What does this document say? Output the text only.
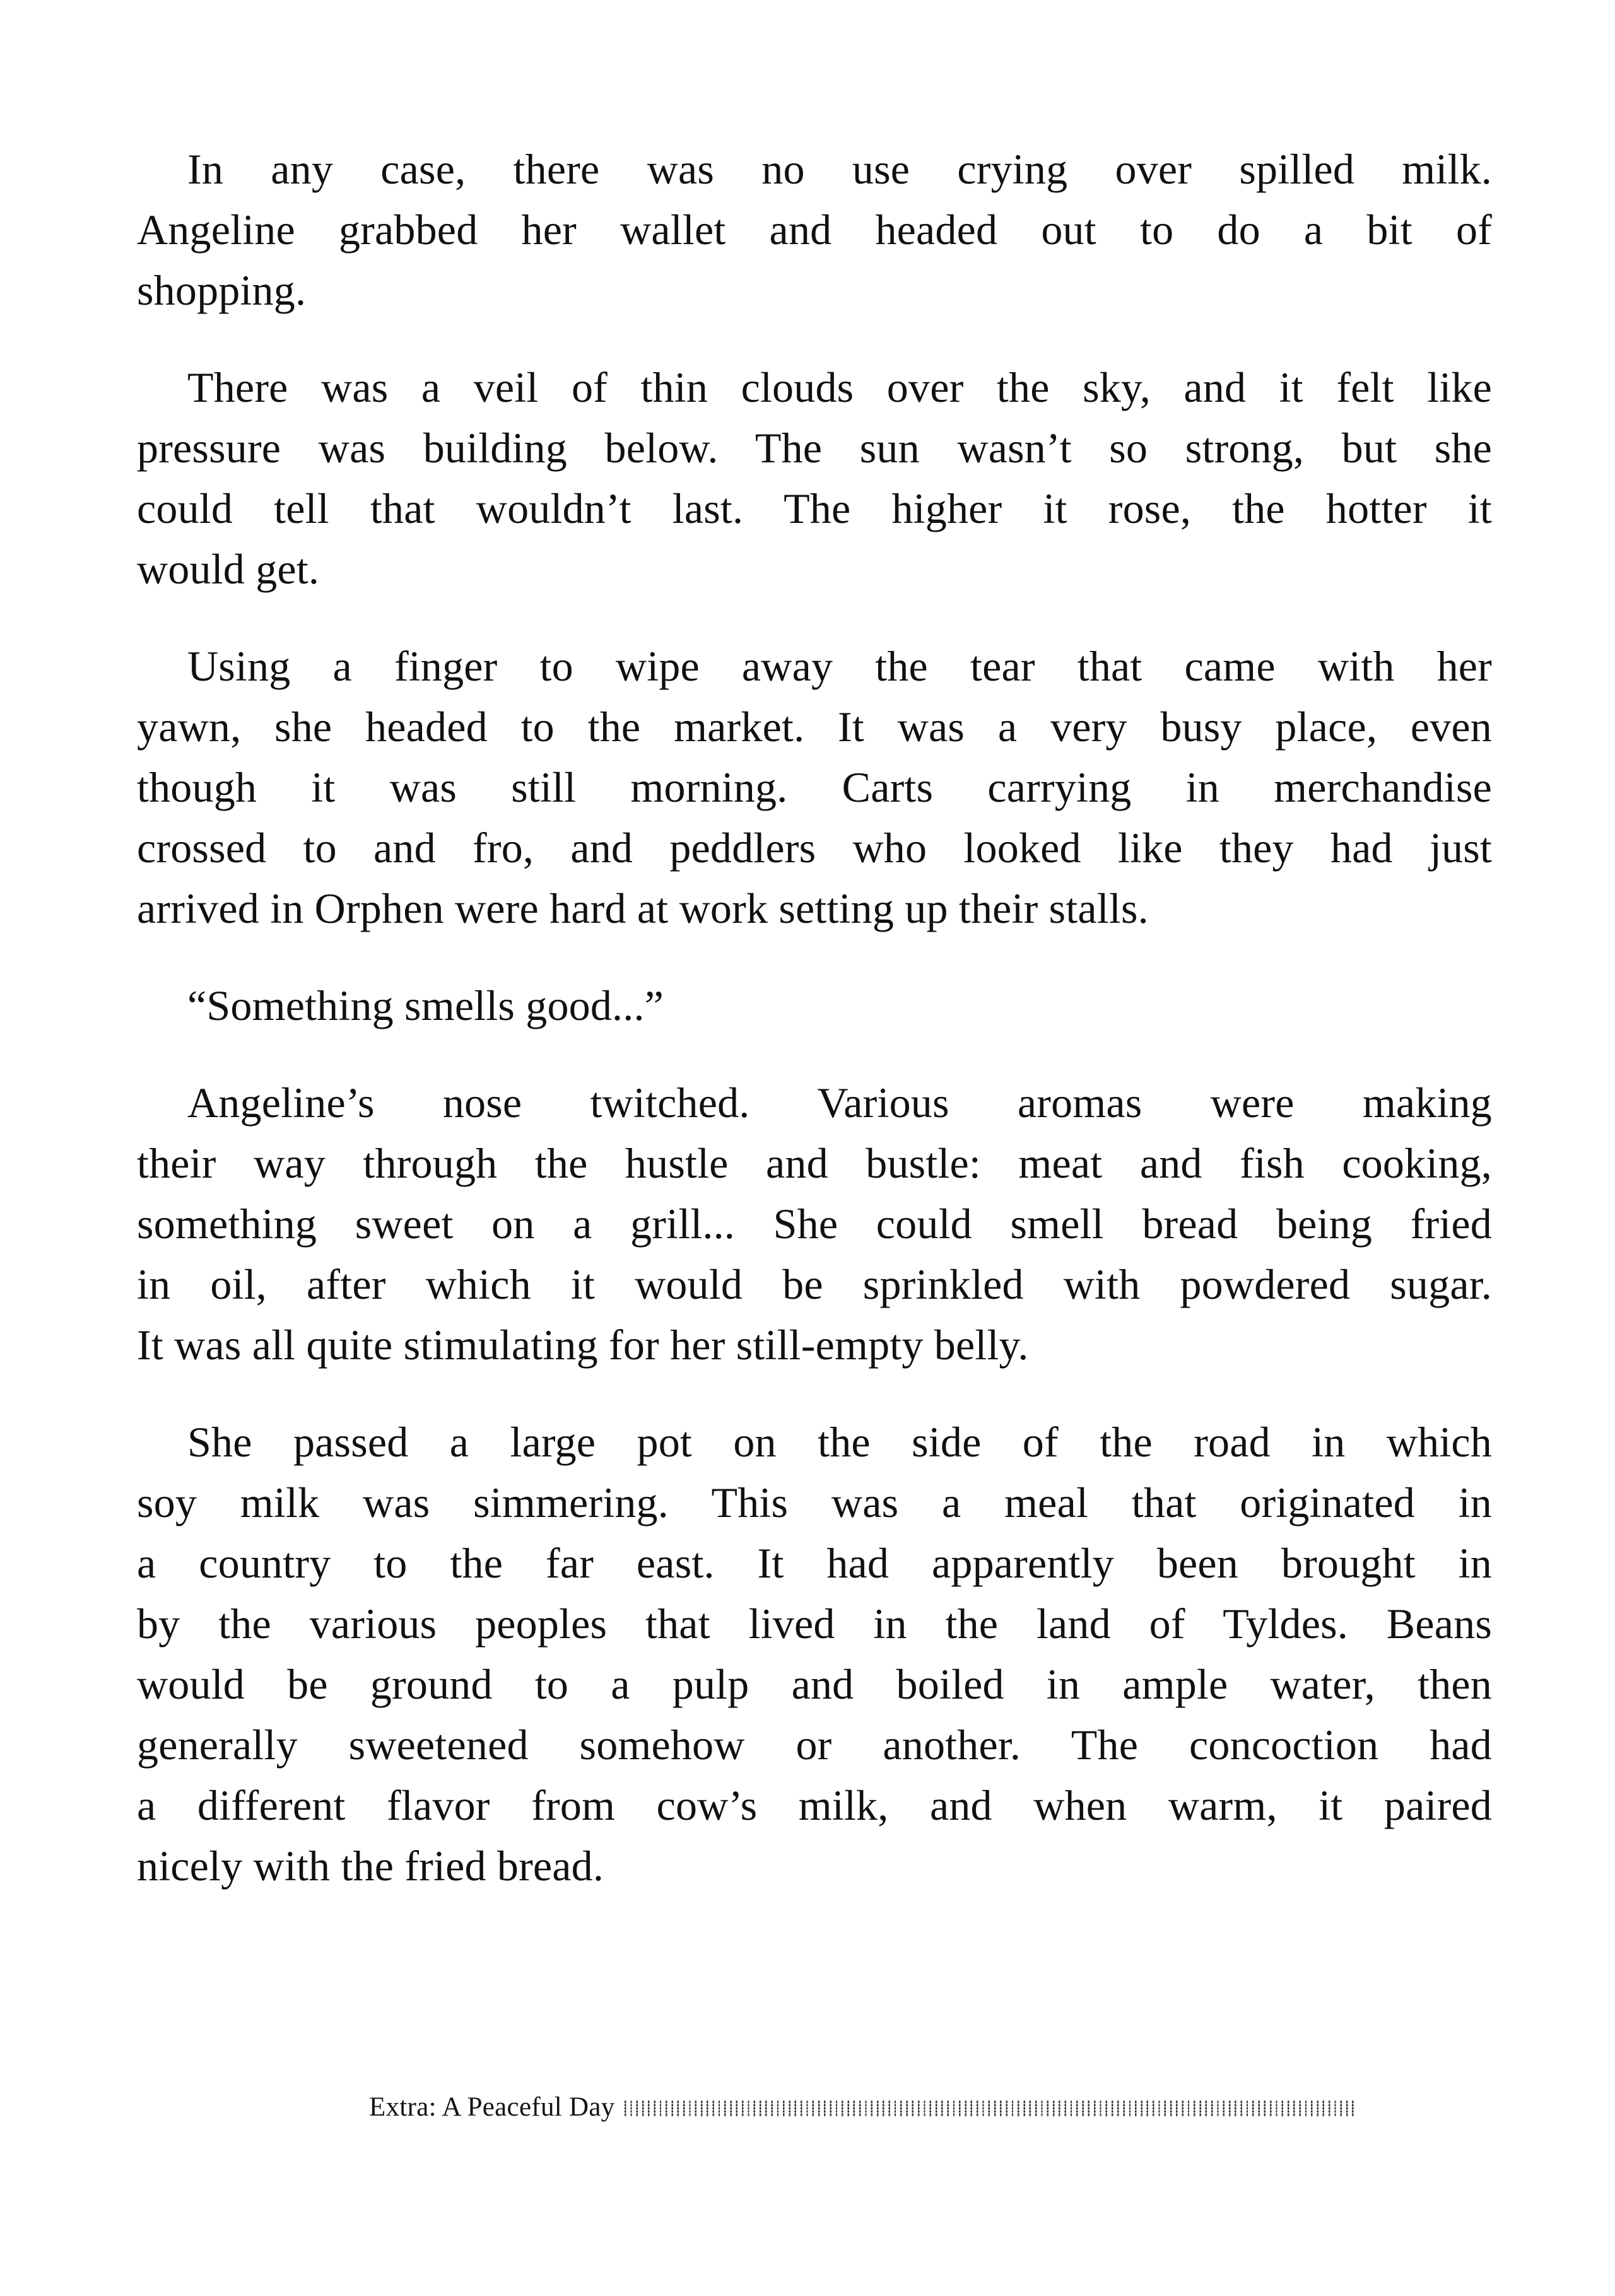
In any case, there was no use crying over spilled milk.
Angeline grabbed her wallet and headed out to do a bit of
shopping.
There was a veil of thin clouds over the sky, and it felt like
pressure was building below. The sun wasn’t so strong, but she
could tell that wouldn’t last. The higher it rose, the hotter it
would get.
Using a finger to wipe away the tear that came with her
yawn, she headed to the market. It was a very busy place, even
though it was still morning. Carts carrying in merchandise
crossed to and fro, and peddlers who looked like they had just
arrived in Orphen were hard at work setting up their stalls.
“Something smells good...”
Angeline’s nose twitched. Various aromas were making
their way through the hustle and bustle: meat and fish cooking,
something sweet on a grill... She could smell bread being fried
in oil, after which it would be sprinkled with powdered sugar.
It was all quite stimulating for her still-empty belly.
She passed a large pot on the side of the road in which
soy milk was simmering. This was a meal that originated in
a country to the far east. It had apparently been brought in
by the various peoples that lived in the land of Tyldes. Beans
would be ground to a pulp and boiled in ample water, then
generally sweetened somehow or another. The concoction had
a different flavor from cow’s milk, and when warm, it paired
nicely with the fried bread.
Extra: A Peaceful Day
